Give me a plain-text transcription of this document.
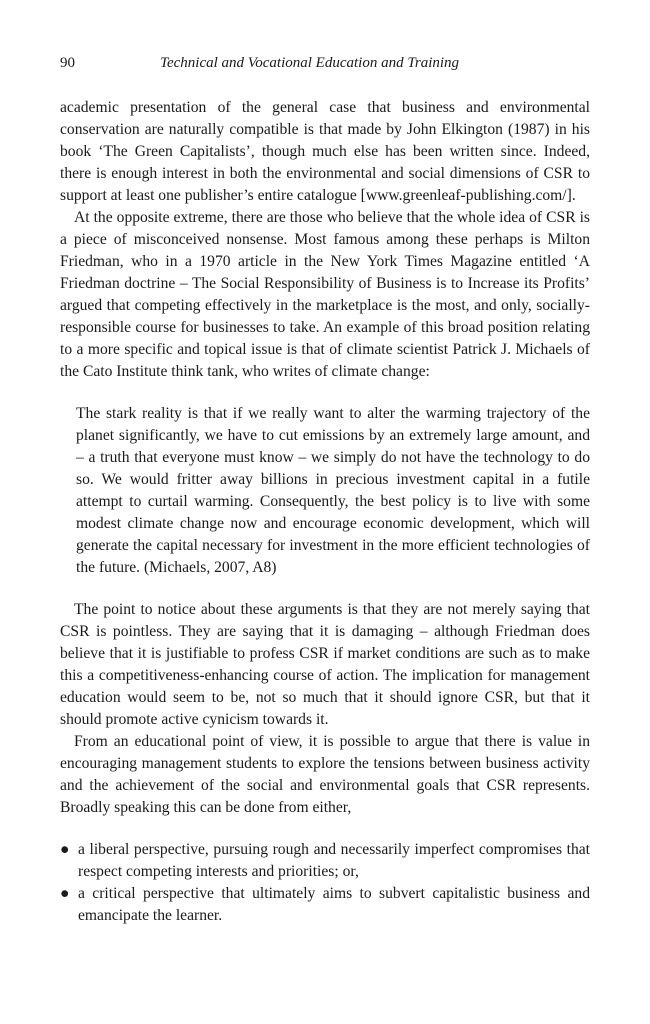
90	Technical and Vocational Education and Training

academic presentation of the general case that business and environmental conservation are naturally compatible is that made by John Elkington (1987) in his book ‘The Green Capitalists’, though much else has been written since. Indeed, there is enough interest in both the environmental and social dimensions of CSR to support at least one publisher’s entire catalogue [www.greenleaf-publishing.com/].

At the opposite extreme, there are those who believe that the whole idea of CSR is a piece of misconceived nonsense. Most famous among these perhaps is Milton Friedman, who in a 1970 article in the New York Times Magazine entitled ‘A Friedman doctrine – The Social Responsibility of Business is to Increase its Profits’ argued that competing effectively in the marketplace is the most, and only, socially-responsible course for businesses to take. An example of this broad position relating to a more specific and topical issue is that of climate scientist Patrick J. Michaels of the Cato Institute think tank, who writes of climate change:

The stark reality is that if we really want to alter the warming trajectory of the planet significantly, we have to cut emissions by an extremely large amount, and – a truth that everyone must know – we simply do not have the technology to do so. We would fritter away billions in precious investment capital in a futile attempt to curtail warming. Consequently, the best policy is to live with some modest climate change now and encourage economic development, which will generate the capital necessary for investment in the more efficient technologies of the future. (Michaels, 2007, A8)

The point to notice about these arguments is that they are not merely saying that CSR is pointless. They are saying that it is damaging – although Friedman does believe that it is justifiable to profess CSR if market conditions are such as to make this a competitiveness-enhancing course of action. The implication for management education would seem to be, not so much that it should ignore CSR, but that it should promote active cynicism towards it.

From an educational point of view, it is possible to argue that there is value in encouraging management students to explore the tensions between business activity and the achievement of the social and environmental goals that CSR represents. Broadly speaking this can be done from either,

● a liberal perspective, pursuing rough and necessarily imperfect compromises that respect competing interests and priorities; or,
● a critical perspective that ultimately aims to subvert capitalistic business and emancipate the learner.
